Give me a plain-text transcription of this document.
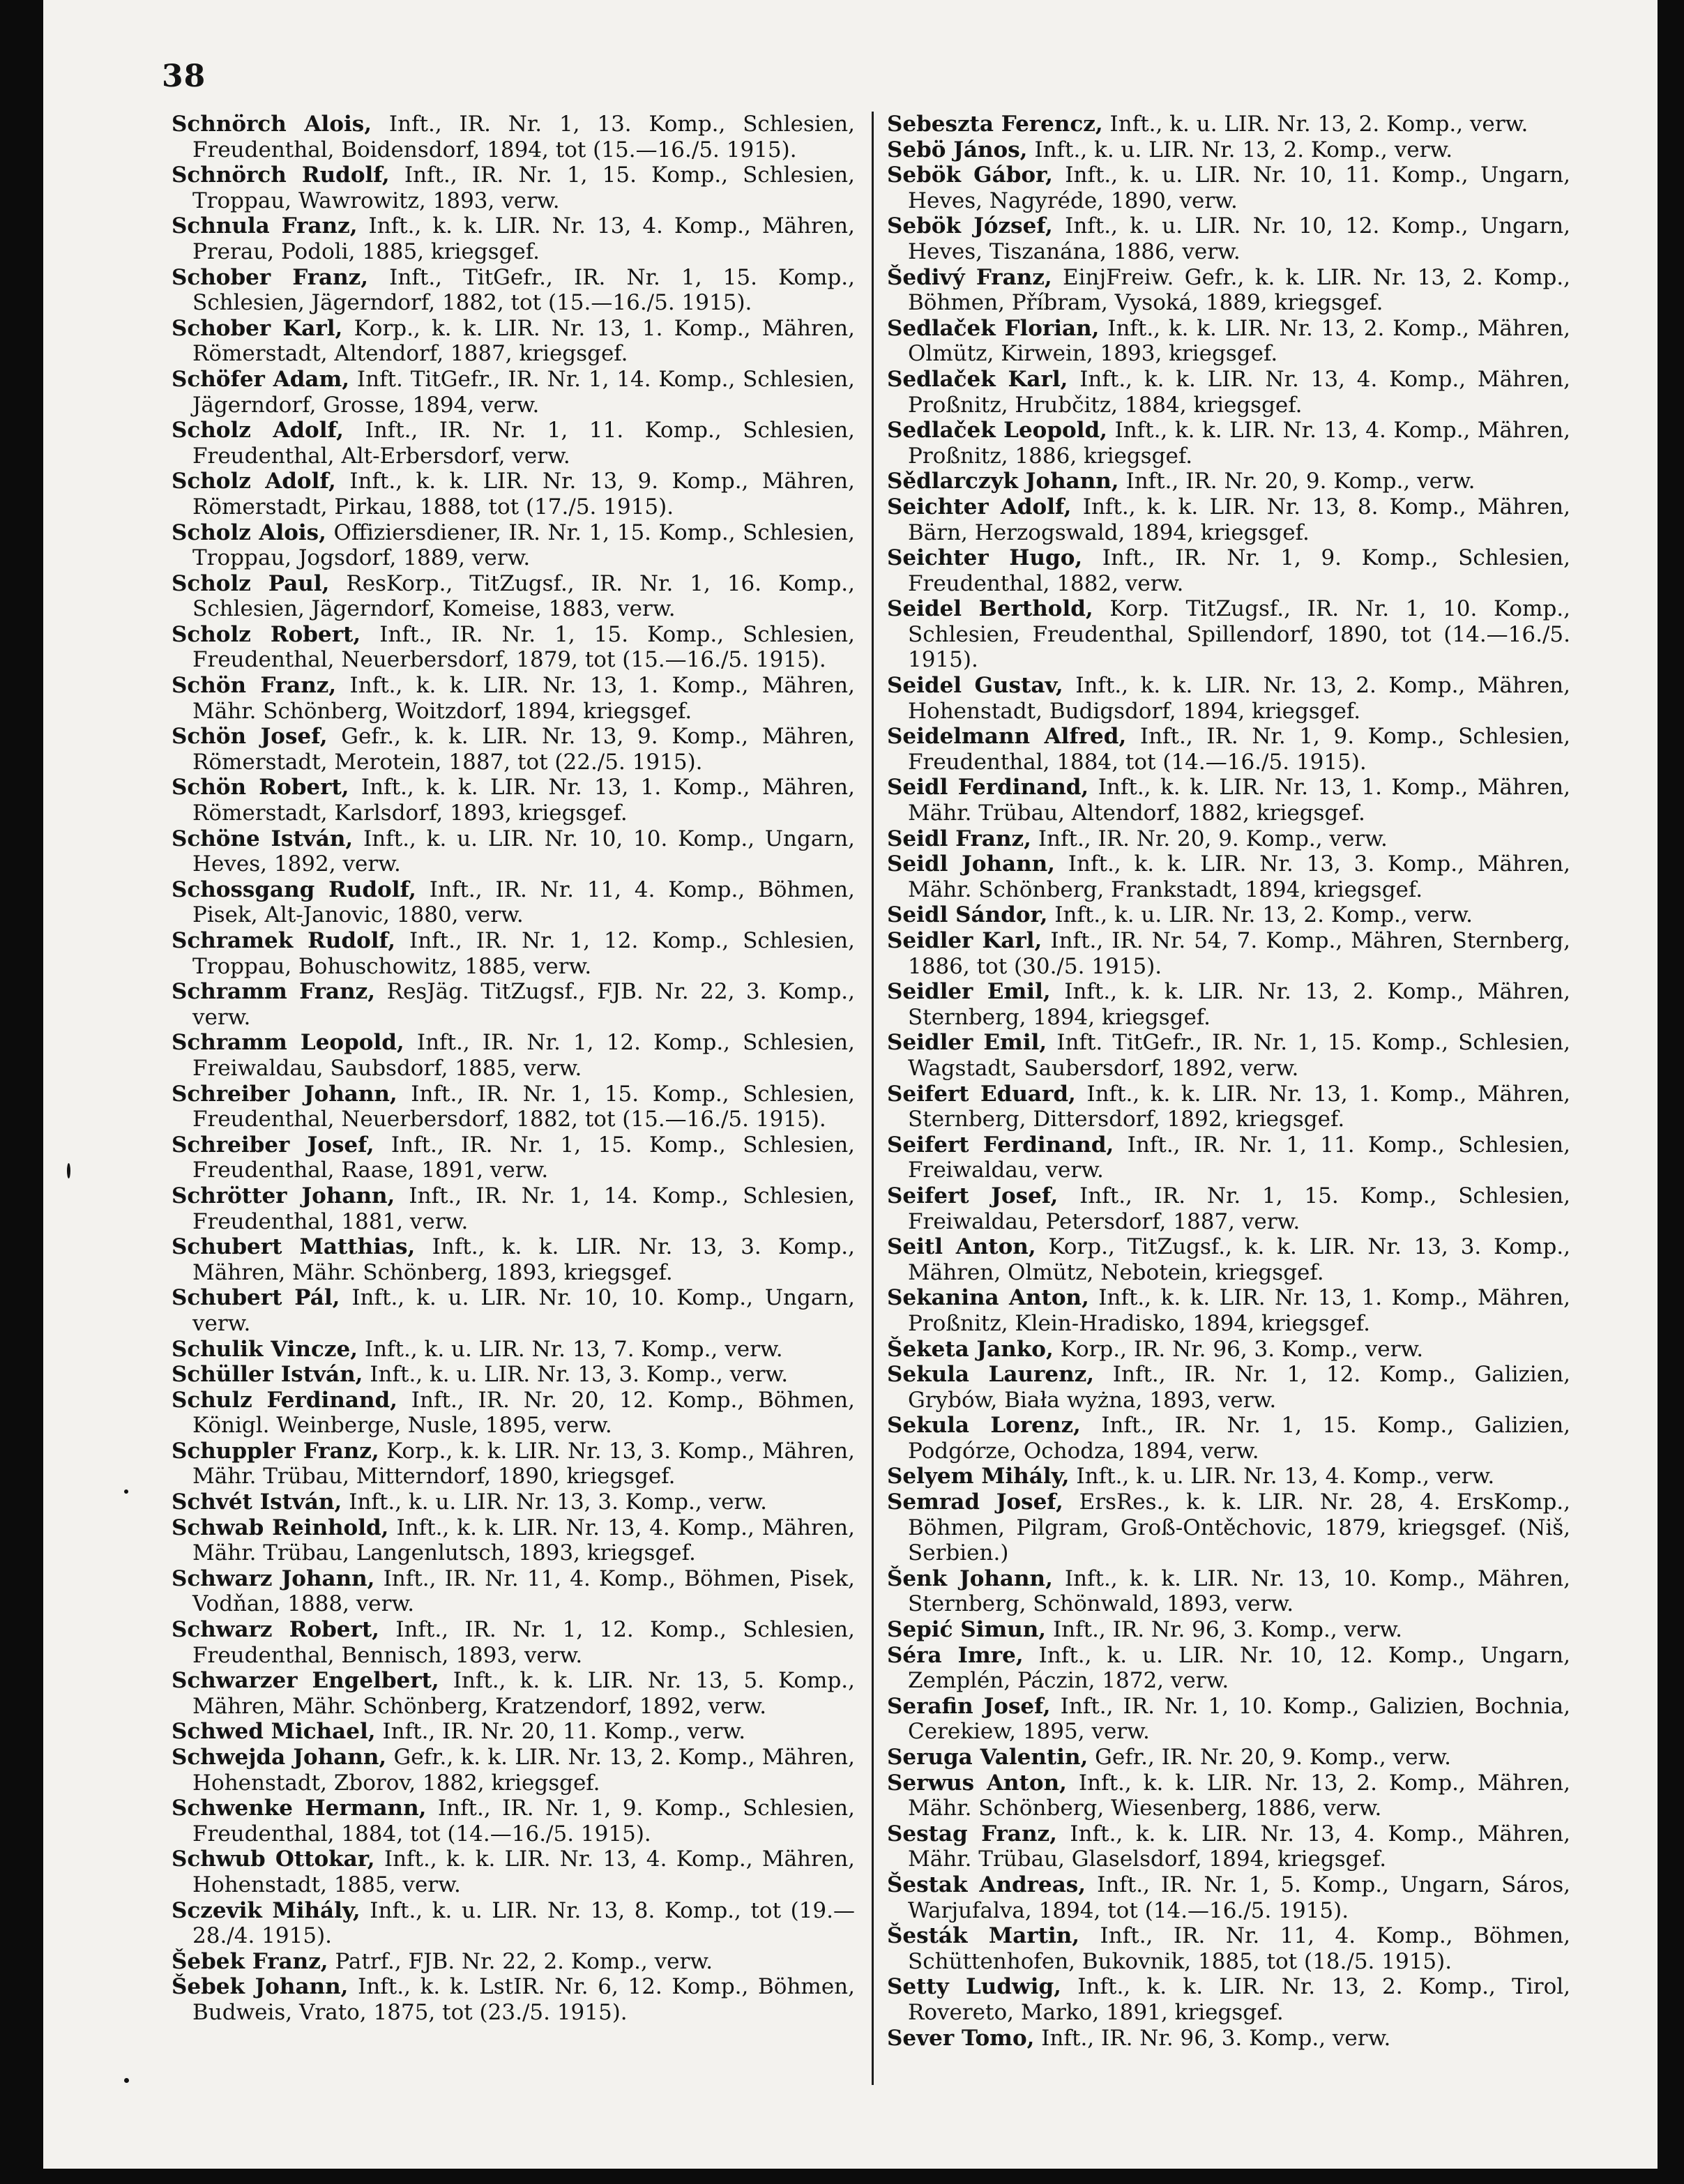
38

Schnörch Alois, Inft., IR. Nr. 1, 13. Komp., Schlesien, Freudenthal, Boidensdorf, 1894, tot (15.—16./5. 1915).

Schnörch Rudolf, Inft., IR. Nr. 1, 15. Komp., Schlesien, Troppau, Wawrowitz, 1893, verw.

Schnula Franz, Inft., k. k. LIR. Nr. 13, 4. Komp., Mähren, Prerau, Podoli, 1885, kriegsgef.

Schober Franz, Inft., TitGefr., IR. Nr. 1, 15. Komp., Schlesien, Jägerndorf, 1882, tot (15.—16./5. 1915).

Schober Karl, Korp., k. k. LIR. Nr. 13, 1. Komp., Mähren, Römerstadt, Altendorf, 1887, kriegsgef.

Schöfer Adam, Inft. TitGefr., IR. Nr. 1, 14. Komp., Schlesien, Jägerndorf, Grosse, 1894, verw.

Scholz Adolf, Inft., IR. Nr. 1, 11. Komp., Schlesien, Freudenthal, Alt-Erbersdorf, verw.

Scholz Adolf, Inft., k. k. LIR. Nr. 13, 9. Komp., Mähren, Römerstadt, Pirkau, 1888, tot (17./5. 1915).

Scholz Alois, Offiziersdiener, IR. Nr. 1, 15. Komp., Schlesien, Troppau, Jogsdorf, 1889, verw.

Scholz Paul, ResKorp., TitZugsf., IR. Nr. 1, 16. Komp., Schlesien, Jägerndorf, Komeise, 1883, verw.

Scholz Robert, Inft., IR. Nr. 1, 15. Komp., Schlesien, Freudenthal, Neuerbersdorf, 1879, tot (15.—16./5. 1915).

Schön Franz, Inft., k. k. LIR. Nr. 13, 1. Komp., Mähren, Mähr. Schönberg, Woitzdorf, 1894, kriegsgef.

Schön Josef, Gefr., k. k. LIR. Nr. 13, 9. Komp., Mähren, Römerstadt, Merotein, 1887, tot (22./5. 1915).

Schön Robert, Inft., k. k. LIR. Nr. 13, 1. Komp., Mähren, Römerstadt, Karlsdorf, 1893, kriegsgef.

Schöne István, Inft., k. u. LIR. Nr. 10, 10. Komp., Ungarn, Heves, 1892, verw.

Schossgang Rudolf, Inft., IR. Nr. 11, 4. Komp., Böhmen, Pisek, Alt-Janovic, 1880, verw.

Schramek Rudolf, Inft., IR. Nr. 1, 12. Komp., Schlesien, Troppau, Bohuschowitz, 1885, verw.

Schramm Franz, ResJäg. TitZugsf., FJB. Nr. 22, 3. Komp., verw.

Schramm Leopold, Inft., IR. Nr. 1, 12. Komp., Schlesien, Freiwaldau, Saubsdorf, 1885, verw.

Schreiber Johann, Inft., IR. Nr. 1, 15. Komp., Schlesien, Freudenthal, Neuerbersdorf, 1882, tot (15.—16./5. 1915).

Schreiber Josef, Inft., IR. Nr. 1, 15. Komp., Schlesien, Freudenthal, Raase, 1891, verw.

Schrötter Johann, Inft., IR. Nr. 1, 14. Komp., Schlesien, Freudenthal, 1881, verw.

Schubert Matthias, Inft., k. k. LIR. Nr. 13, 3. Komp., Mähren, Mähr. Schönberg, 1893, kriegsgef.

Schubert Pál, Inft., k. u. LIR. Nr. 10, 10. Komp., Ungarn, verw.

Schulik Vincze, Inft., k. u. LIR. Nr. 13, 7. Komp., verw.

Schüller István, Inft., k. u. LIR. Nr. 13, 3. Komp., verw.

Schulz Ferdinand, Inft., IR. Nr. 20, 12. Komp., Böhmen, Königl. Weinberge, Nusle, 1895, verw.

Schuppler Franz, Korp., k. k. LIR. Nr. 13, 3. Komp., Mähren, Mähr. Trübau, Mitterndorf, 1890, kriegsgef.

Schvét István, Inft., k. u. LIR. Nr. 13, 3. Komp., verw.

Schwab Reinhold, Inft., k. k. LIR. Nr. 13, 4. Komp., Mähren, Mähr. Trübau, Langenlutsch, 1893, kriegsgef.

Schwarz Johann, Inft., IR. Nr. 11, 4. Komp., Böhmen, Pisek, Vodňan, 1888, verw.

Schwarz Robert, Inft., IR. Nr. 1, 12. Komp., Schlesien, Freudenthal, Bennisch, 1893, verw.

Schwarzer Engelbert, Inft., k. k. LIR. Nr. 13, 5. Komp., Mähren, Mähr. Schönberg, Kratzendorf, 1892, verw.

Schwed Michael, Inft., IR. Nr. 20, 11. Komp., verw.

Schwejda Johann, Gefr., k. k. LIR. Nr. 13, 2. Komp., Mähren, Hohenstadt, Zborov, 1882, kriegsgef.

Schwenke Hermann, Inft., IR. Nr. 1, 9. Komp., Schlesien, Freudenthal, 1884, tot (14.—16./5. 1915).

Schwub Ottokar, Inft., k. k. LIR. Nr. 13, 4. Komp., Mähren, Hohenstadt, 1885, verw.

Sczevik Mihály, Inft., k. u. LIR. Nr. 13, 8. Komp., tot (19.—28./4. 1915).

Šebek Franz, Patrf., FJB. Nr. 22, 2. Komp., verw.

Šebek Johann, Inft., k. k. LstIR. Nr. 6, 12. Komp., Böhmen, Budweis, Vrato, 1875, tot (23./5. 1915).

Sebeszta Ferencz, Inft., k. u. LIR. Nr. 13, 2. Komp., verw.

Sebö János, Inft., k. u. LIR. Nr. 13, 2. Komp., verw.

Sebök Gábor, Inft., k. u. LIR. Nr. 10, 11. Komp., Ungarn, Heves, Nagyréde, 1890, verw.

Sebök József, Inft., k. u. LIR. Nr. 10, 12. Komp., Ungarn, Heves, Tiszanána, 1886, verw.

Šedivý Franz, EinjFreiw. Gefr., k. k. LIR. Nr. 13, 2. Komp., Böhmen, Příbram, Vysoká, 1889, kriegsgef.

Sedlaček Florian, Inft., k. k. LIR. Nr. 13, 2. Komp., Mähren, Olmütz, Kirwein, 1893, kriegsgef.

Sedlaček Karl, Inft., k. k. LIR. Nr. 13, 4. Komp., Mähren, Proßnitz, Hrubčitz, 1884, kriegsgef.

Sedlaček Leopold, Inft., k. k. LIR. Nr. 13, 4. Komp., Mähren, Proßnitz, 1886, kriegsgef.

Sědlarczyk Johann, Inft., IR. Nr. 20, 9. Komp., verw.

Seichter Adolf, Inft., k. k. LIR. Nr. 13, 8. Komp., Mähren, Bärn, Herzogswald, 1894, kriegsgef.

Seichter Hugo, Inft., IR. Nr. 1, 9. Komp., Schlesien, Freudenthal, 1882, verw.

Seidel Berthold, Korp. TitZugsf., IR. Nr. 1, 10. Komp., Schlesien, Freudenthal, Spillendorf, 1890, tot (14.—16./5. 1915).

Seidel Gustav, Inft., k. k. LIR. Nr. 13, 2. Komp., Mähren, Hohenstadt, Budigsdorf, 1894, kriegsgef.

Seidelmann Alfred, Inft., IR. Nr. 1, 9. Komp., Schlesien, Freudenthal, 1884, tot (14.—16./5. 1915).

Seidl Ferdinand, Inft., k. k. LIR. Nr. 13, 1. Komp., Mähren, Mähr. Trübau, Altendorf, 1882, kriegsgef.

Seidl Franz, Inft., IR. Nr. 20, 9. Komp., verw.

Seidl Johann, Inft., k. k. LIR. Nr. 13, 3. Komp., Mähren, Mähr. Schönberg, Frankstadt, 1894, kriegsgef.

Seidl Sándor, Inft., k. u. LIR. Nr. 13, 2. Komp., verw.

Seidler Karl, Inft., IR. Nr. 54, 7. Komp., Mähren, Sternberg, 1886, tot (30./5. 1915).

Seidler Emil, Inft., k. k. LIR. Nr. 13, 2. Komp., Mähren, Sternberg, 1894, kriegsgef.

Seidler Emil, Inft. TitGefr., IR. Nr. 1, 15. Komp., Schlesien, Wagstadt, Saubersdorf, 1892, verw.

Seifert Eduard, Inft., k. k. LIR. Nr. 13, 1. Komp., Mähren, Sternberg, Dittersdorf, 1892, kriegsgef.

Seifert Ferdinand, Inft., IR. Nr. 1, 11. Komp., Schlesien, Freiwaldau, verw.

Seifert Josef, Inft., IR. Nr. 1, 15. Komp., Schlesien, Freiwaldau, Petersdorf, 1887, verw.

Seitl Anton, Korp., TitZugsf., k. k. LIR. Nr. 13, 3. Komp., Mähren, Olmütz, Nebotein, kriegsgef.

Sekanina Anton, Inft., k. k. LIR. Nr. 13, 1. Komp., Mähren, Proßnitz, Klein-Hradisko, 1894, kriegsgef.

Šeketa Janko, Korp., IR. Nr. 96, 3. Komp., verw.

Sekula Laurenz, Inft., IR. Nr. 1, 12. Komp., Galizien, Grybów, Biała wyżna, 1893, verw.

Sekula Lorenz, Inft., IR. Nr. 1, 15. Komp., Galizien, Podgórze, Ochodza, 1894, verw.

Selyem Mihály, Inft., k. u. LIR. Nr. 13, 4. Komp., verw.

Semrad Josef, ErsRes., k. k. LIR. Nr. 28, 4. ErsKomp., Böhmen, Pilgram, Groß-Ontěchovic, 1879, kriegsgef. (Niš, Serbien.)

Šenk Johann, Inft., k. k. LIR. Nr. 13, 10. Komp., Mähren, Sternberg, Schönwald, 1893, verw.

Sepić Simun, Inft., IR. Nr. 96, 3. Komp., verw.

Séra Imre, Inft., k. u. LIR. Nr. 10, 12. Komp., Ungarn, Zemplén, Páczin, 1872, verw.

Serafin Josef, Inft., IR. Nr. 1, 10. Komp., Galizien, Bochnia, Cerekiew, 1895, verw.

Seruga Valentin, Gefr., IR. Nr. 20, 9. Komp., verw.

Serwus Anton, Inft., k. k. LIR. Nr. 13, 2. Komp., Mähren, Mähr. Schönberg, Wiesenberg, 1886, verw.

Sestag Franz, Inft., k. k. LIR. Nr. 13, 4. Komp., Mähren, Mähr. Trübau, Glaselsdorf, 1894, kriegsgef.

Šestak Andreas, Inft., IR. Nr. 1, 5. Komp., Ungarn, Sáros, Warjufalva, 1894, tot (14.—16./5. 1915).

Šesták Martin, Inft., IR. Nr. 11, 4. Komp., Böhmen, Schüttenhofen, Bukovnik, 1885, tot (18./5. 1915).

Setty Ludwig, Inft., k. k. LIR. Nr. 13, 2. Komp., Tirol, Rovereto, Marko, 1891, kriegsgef.

Sever Tomo, Inft., IR. Nr. 96, 3. Komp., verw.
